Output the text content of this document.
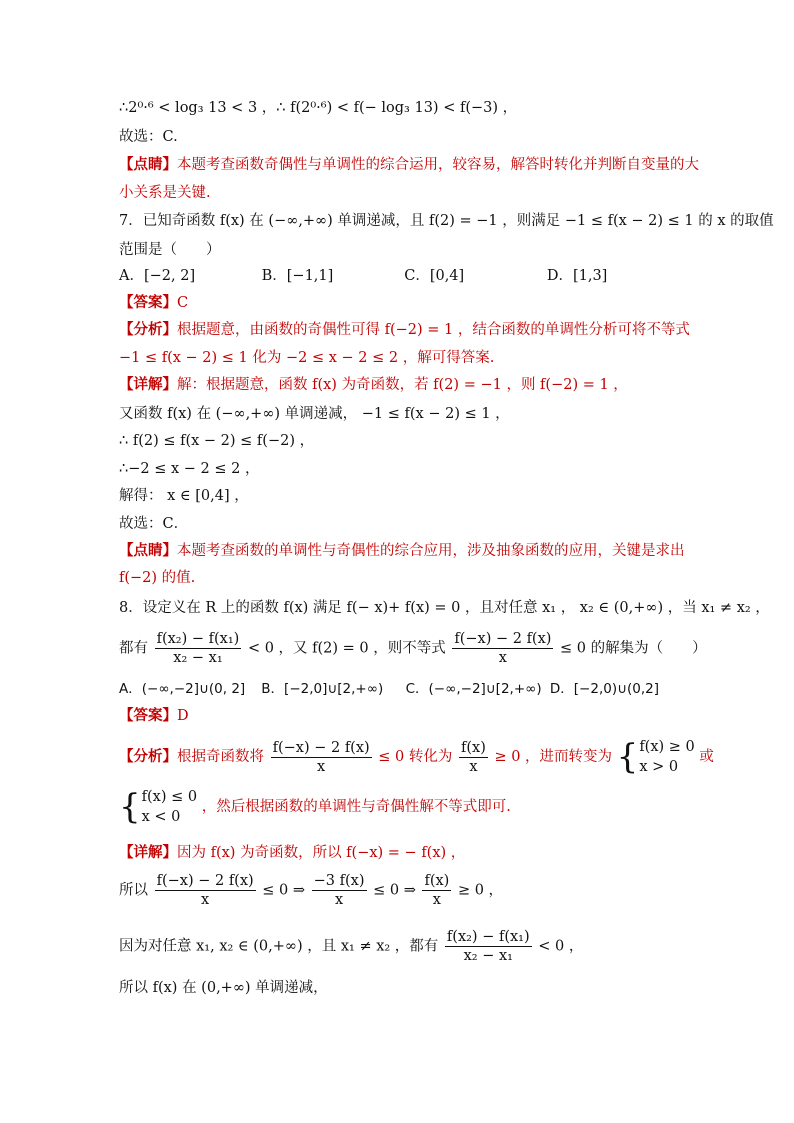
∴2⁰·⁶ < log₃ 13 < 3 ，∴ f(2⁰·⁶) < f(− log₃ 13) < f(−3) ，
故选：C.
【点睛】本题考查函数奇偶性与单调性的综合运用，较容易，解答时转化并判断自变量的大
小关系是关键.
7．已知奇函数 f(x) 在 (−∞,+∞) 单调递减，且 f(2) = −1 ，则满足 −1 ≤ f(x − 2) ≤ 1 的 x 的取值
范围是（　　）
A．[−2, 2]	B．[−1,1]	C．[0,4]	D．[1,3]
【答案】C
【分析】根据题意，由函数的奇偶性可得 f(−2) = 1 ，结合函数的单调性分析可将不等式
−1 ≤ f(x − 2) ≤ 1 化为 −2 ≤ x − 2 ≤ 2 ，解可得答案.
【详解】解：根据题意，函数 f(x) 为奇函数，若 f(2) = −1 ，则 f(−2) = 1 ，
又函数 f(x) 在 (−∞,+∞) 单调递减， −1 ≤ f(x − 2) ≤ 1 ，
∴ f(2) ≤ f(x − 2) ≤ f(−2) ，
∴−2 ≤ x − 2 ≤ 2 ，
解得： x ∈ [0,4] ，
故选：C．
【点睛】本题考查函数的单调性与奇偶性的综合应用，涉及抽象函数的应用，关键是求出
f(−2) 的值.
8．设定义在 R 上的函数 f(x) 满足 f(− x)+ f(x) = 0 ，且对任意 x₁ ， x₂ ∈ (0,+∞) ，当 x₁ ≠ x₂ ，
都有 $\frac{\text{f(x₂) − f(x₁)}}{\text{x₂ − x₁}} < 0$ ，又 f(2) = 0 ，则不等式 $\frac{f(-x) - 2 f(x)}{x} \le 0$ 的解集为（　　）
A．(−∞,−2]∪(0, 2] B．[−2,0]∪[2,+∞) C．(−∞,−2]∪[2,+∞) D．[−2,0)∪(0,2]
【答案】D
【分析】根据奇函数将 $\frac{f(-x) - 2 f(x)}{x} \le 0$ 转化为 $\frac{f(x)}{x} \ge 0$ ，进而转变为 { f(x) ≥ 0
x > 0
或
{ f(x) ≤ 0
x < 0
，然后根据函数的单调性与奇偶性解不等式即可.
【详解】因为 f(x) 为奇函数，所以 f(−x) = − f(x) ，
所以 $\frac{f(-x) - 2 f(x)}{x} \le 0$ ⇒ $\frac{-3 f(x)}{x} \le 0$ ⇒ $\frac{f(x)}{x} \ge 0$ ，
因为对任意 x₁, x₂ ∈ (0,+∞) ，且 x₁ ≠ x₂ ，都有 $\frac{\text{f(x₂) − f(x₁)}}{\text{x₂ − x₁}} < 0$ ，
所以 f(x) 在 (0,+∞) 单调递减，
